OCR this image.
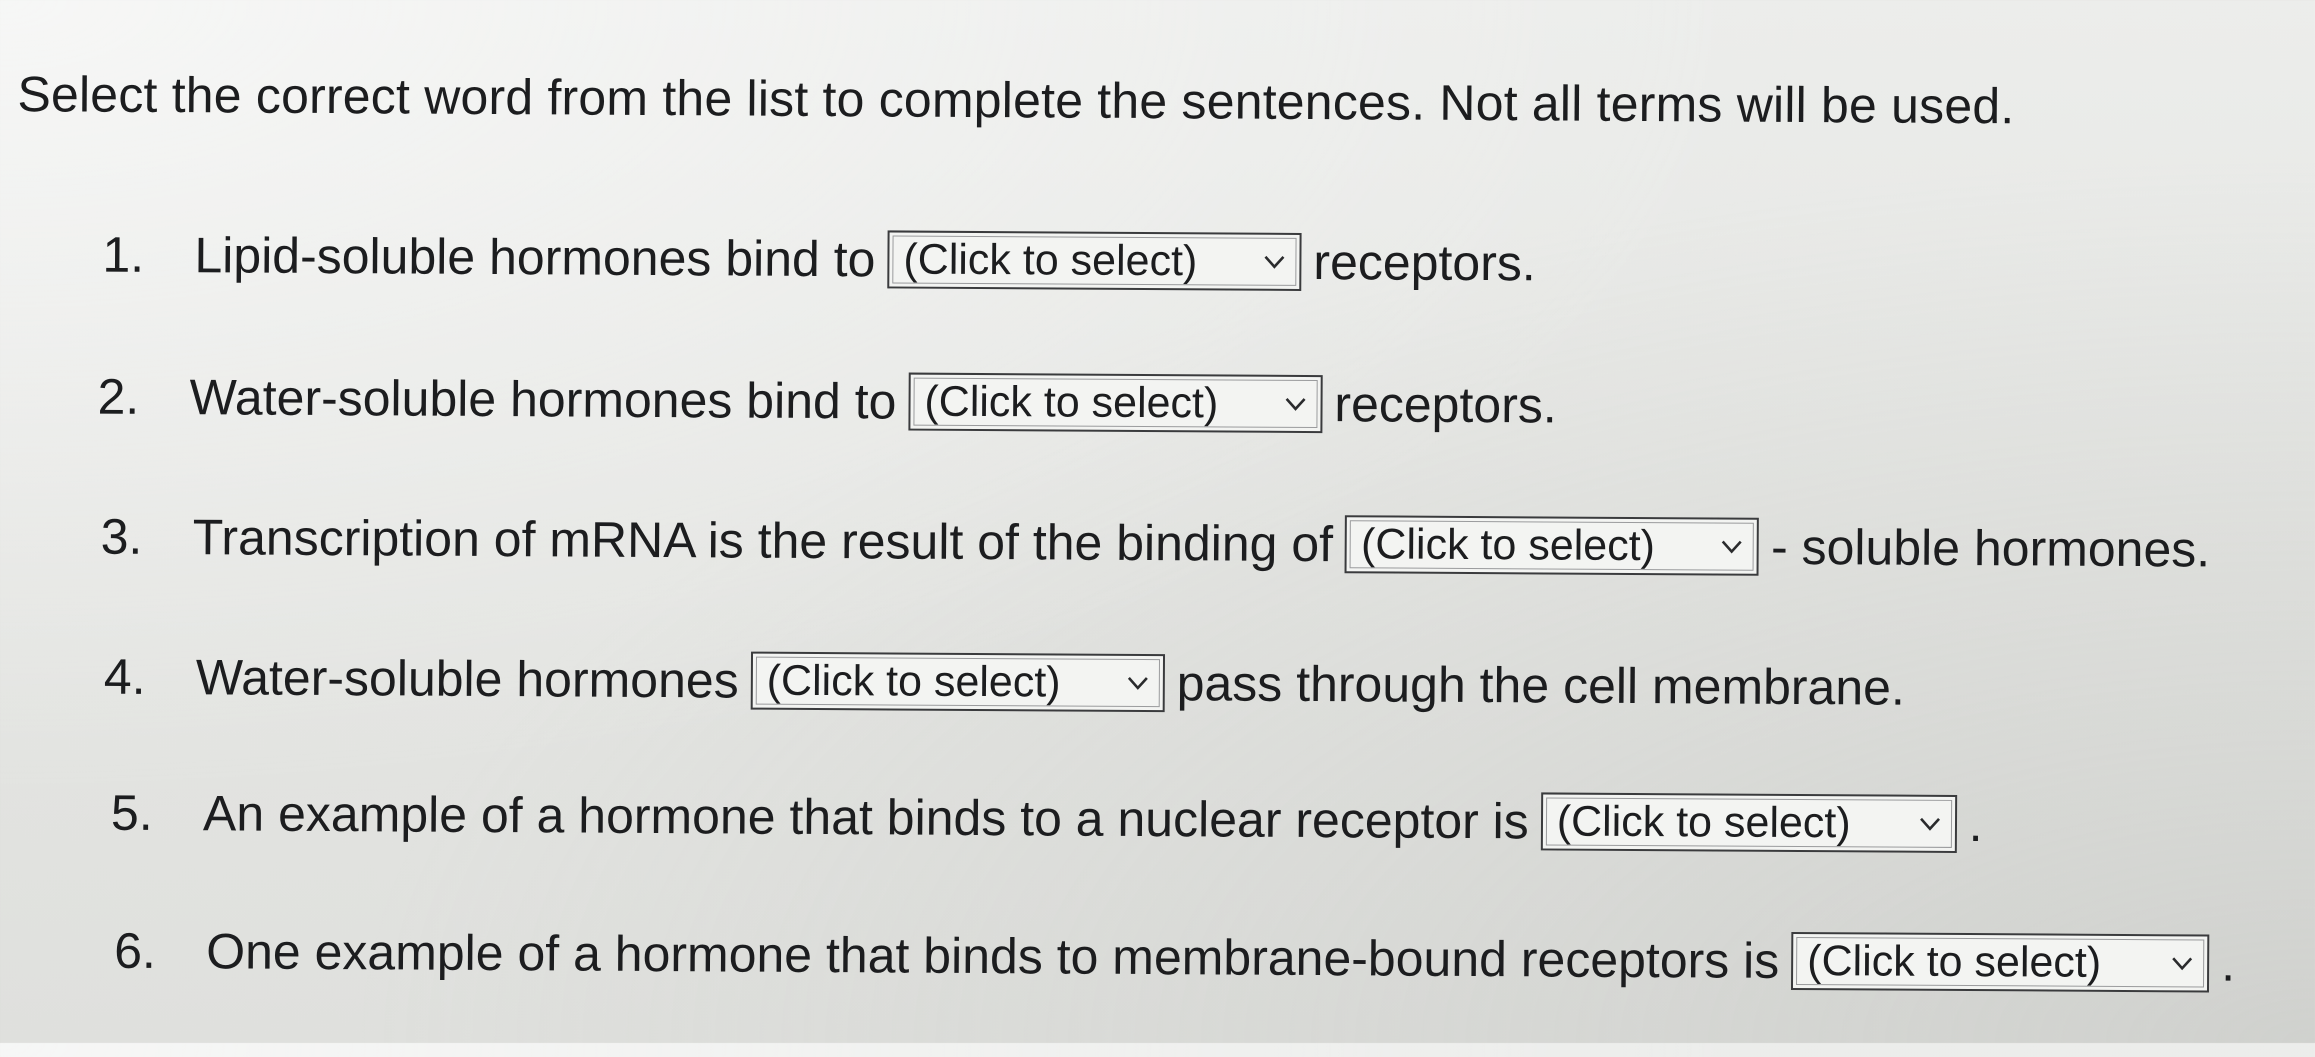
Select the correct word from the list to complete the sentences. Not all terms will be used.
1. Lipid-soluble hormones bind to (Click to select) receptors.
2. Water-soluble hormones bind to (Click to select) receptors.
3. Transcription of mRNA is the result of the binding of (Click to select) - soluble hormones.
4. Water-soluble hormones (Click to select) pass through the cell membrane.
5. An example of a hormone that binds to a nuclear receptor is (Click to select) .
6. One example of a hormone that binds to membrane-bound receptors is (Click to select) .
